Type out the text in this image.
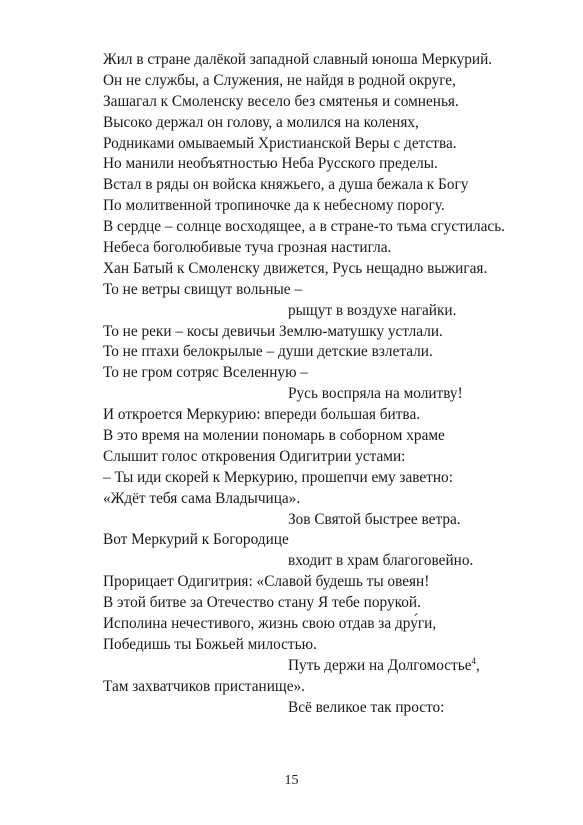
Жил в стране далёкой западной славный юноша Меркурий.
Он не службы, а Служения, не найдя в родной округе,
Зашагал к Смоленску весело без смятенья и сомненья.
Высоко держал он голову, а молился на коленях,
Родниками омываемый Христианской Веры с детства.
Но манили необъятностью Неба Русского пределы.
Встал в ряды он войска княжьего, а душа бежала к Богу
По молитвенной тропиночке да к небесному порогу.
В сердце – солнце восходящее, а в стране-то тьма сгустилась.
Небеса боголюбивые туча грозная настигла.
Хан Батый к Смоленску движется, Русь нещадно выжигая.
То не ветры свищут вольные –
рыщут в воздухе нагайки.
То не реки – косы девичьи Землю-матушку устлали.
То не птахи белокрылые – души детские взлетали.
То не гром сотряс Вселенную –
Русь воспряла на молитву!
И откроется Меркурию: впереди большая битва.
В это время на молении пономарь в соборном храме
Слышит голос откровения Одигитрии устами:
– Ты иди скорей к Меркурию, прошепчи ему заветно:
«Ждёт тебя сама Владычица».
Зов Святой быстрее ветра.
Вот Меркурий к Богородице
входит в храм благоговейно.
Прорицает Одигитрия: «Славой будешь ты овеян!
В этой битве за Отечество стану Я тебе порукой.
Исполина нечестивого, жизнь свою отдав за дру́ги,
Победишь ты Божьей милостью.
Путь держи на Долгомостье$^4$,
Там захватчиков пристанище».
Всё великое так просто:
15
